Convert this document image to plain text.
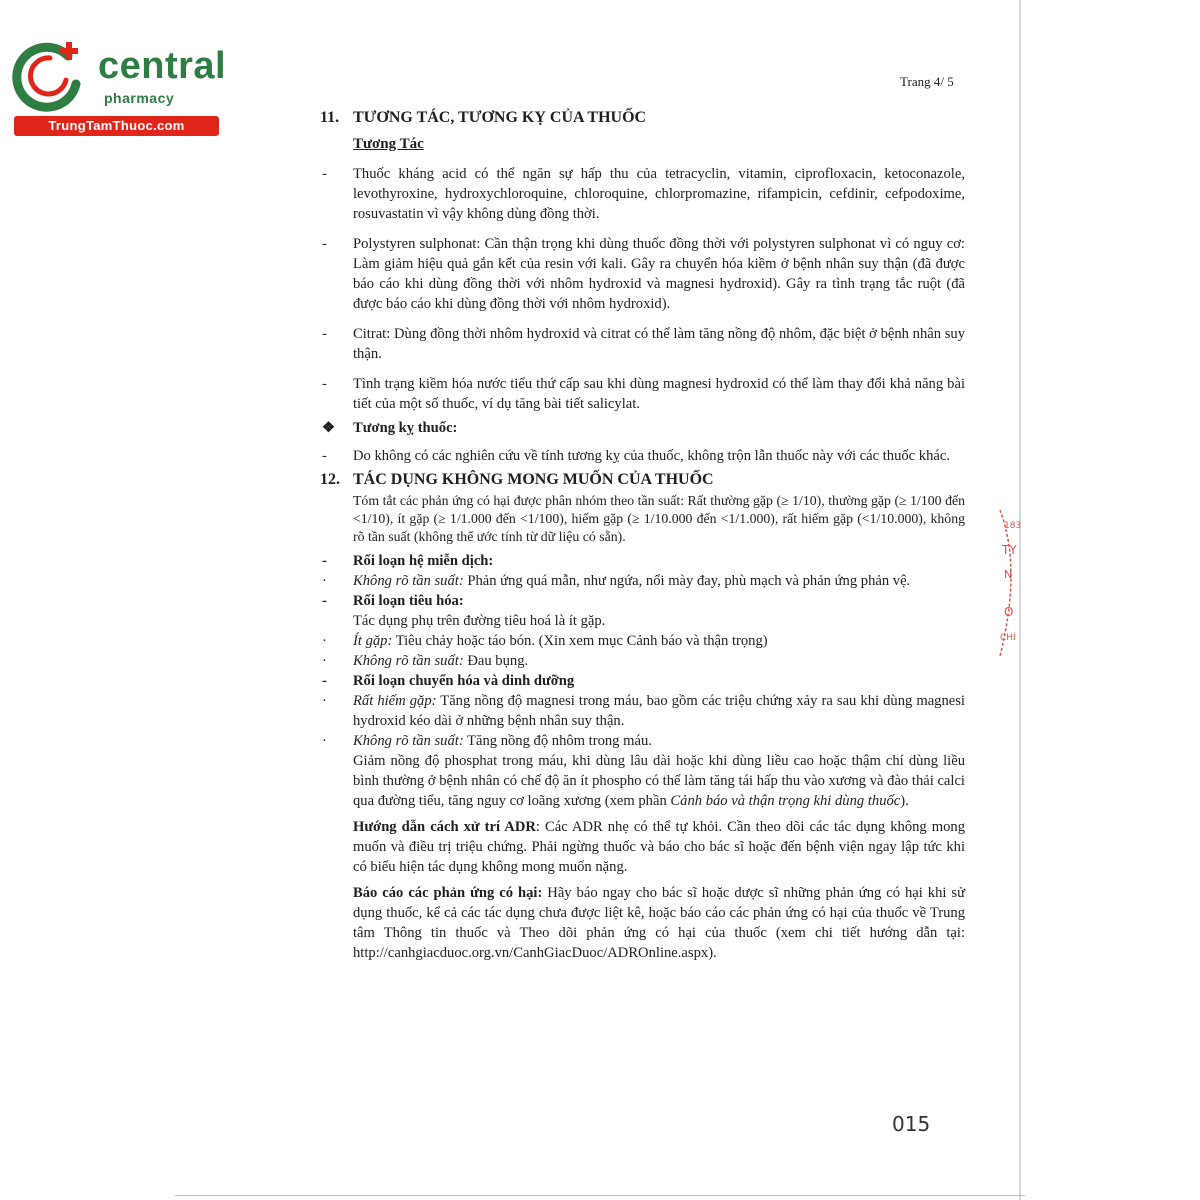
central
pharmacy
TrungTamThuoc.com
Trang 4/ 5
11. TƯƠNG TÁC, TƯƠNG KỴ CỦA THUỐC
Tương Tác
- Thuốc kháng acid có thể ngăn sự hấp thu của tetracyclin, vitamin, ciprofloxacin, ketoconazole, levothyroxine, hydroxychloroquine, chloroquine, chlorpromazine, rifampicin, cefdinir, cefpodoxime, rosuvastatin vì vậy không dùng đồng thời.
- Polystyren sulphonat: Cần thận trọng khi dùng thuốc đồng thời với polystyren sulphonat vì có nguy cơ: Làm giảm hiệu quả gắn kết của resin với kali. Gây ra chuyển hóa kiềm ở bệnh nhân suy thận (đã được báo cáo khi dùng đồng thời với nhôm hydroxid và magnesi hydroxid). Gây ra tình trạng tắc ruột (đã được báo cáo khi dùng đồng thời với nhôm hydroxid).
- Citrat: Dùng đồng thời nhôm hydroxid và citrat có thể làm tăng nồng độ nhôm, đặc biệt ở bệnh nhân suy thận.
- Tình trạng kiềm hóa nước tiểu thứ cấp sau khi dùng magnesi hydroxid có thể làm thay đổi khả năng bài tiết của một số thuốc, ví dụ tăng bài tiết salicylat.
❖ Tương kỵ thuốc:
- Do không có các nghiên cứu về tính tương kỵ của thuốc, không trộn lẫn thuốc này với các thuốc khác.
12. TÁC DỤNG KHÔNG MONG MUỐN CỦA THUỐC
Tóm tắt các phản ứng có hại được phân nhóm theo tần suất: Rất thường gặp (≥ 1/10), thường gặp (≥ 1/100 đến <1/10), ít gặp (≥ 1/1.000 đến <1/100), hiếm gặp (≥ 1/10.000 đến <1/1.000), rất hiếm gặp (<1/10.000), không rõ tần suất (không thể ước tính từ dữ liệu có sẵn).
- Rối loạn hệ miễn dịch:
· Không rõ tần suất: Phản ứng quá mẫn, như ngứa, nổi mày đay, phù mạch và phản ứng phản vệ.
- Rối loạn tiêu hóa:
Tác dụng phụ trên đường tiêu hoá là ít gặp.
· Ít gặp: Tiêu chảy hoặc táo bón. (Xin xem mục Cảnh báo và thận trọng)
· Không rõ tần suất: Đau bụng.
- Rối loạn chuyển hóa và dinh dưỡng
· Rất hiếm gặp: Tăng nồng độ magnesi trong máu, bao gồm các triệu chứng xảy ra sau khi dùng magnesi hydroxid kéo dài ở những bệnh nhân suy thận.
· Không rõ tần suất: Tăng nồng độ nhôm trong máu.
Giảm nồng độ phosphat trong máu, khi dùng lâu dài hoặc khi dùng liều cao hoặc thậm chí dùng liều bình thường ở bệnh nhân có chế độ ăn ít phospho có thể làm tăng tái hấp thu vào xương và đào thải calci qua đường tiểu, tăng nguy cơ loãng xương (xem phần Cảnh báo và thận trọng khi dùng thuốc).
Hướng dẫn cách xử trí ADR: Các ADR nhẹ có thể tự khỏi. Cần theo dõi các tác dụng không mong muốn và điều trị triệu chứng. Phải ngừng thuốc và báo cho bác sĩ hoặc đến bệnh viện ngay lập tức khi có biểu hiện tác dụng không mong muốn nặng.
Báo cáo các phản ứng có hại: Hãy báo ngay cho bác sĩ hoặc dược sĩ những phản ứng có hại khi sử dụng thuốc, kể cả các tác dụng chưa được liệt kê, hoặc báo cáo các phản ứng có hại của thuốc về Trung tâm Thông tin thuốc và Theo dõi phản ứng có hại của thuốc (xem chi tiết hướng dẫn tại: http://canhgiacduoc.org.vn/CanhGiacDuoc/ADROnline.aspx).
183
TY
N
O
CHÍ
015
